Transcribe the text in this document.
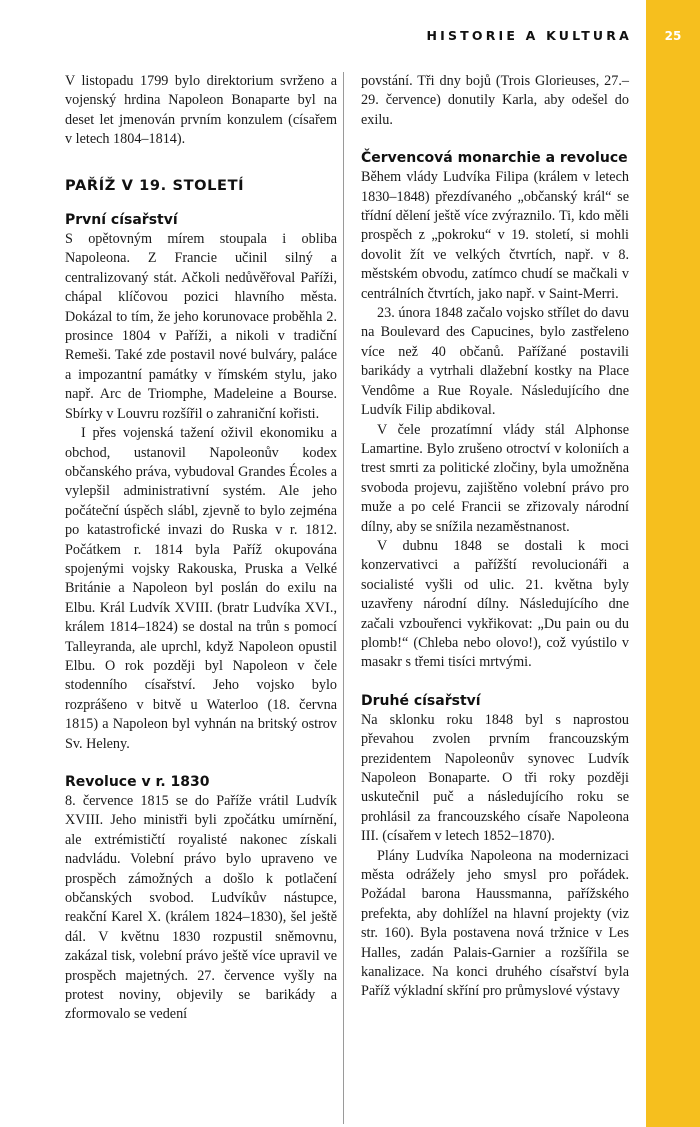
HISTORIE A KULTURA	25

V listopadu 1799 bylo direktorium svrženo a vojenský hrdina Napoleon Bonaparte byl na deset let jmenován prvním konzulem (císařem v letech 1804–1814).

PAŘÍŽ V 19. STOLETÍ
První císařství

S opětovným mírem stoupala i obliba Napoleona. Z Francie učinil silný a centralizovaný stát. Ačkoli nedůvěřoval Paříži, chápal klíčovou pozici hlavního města. Dokázal to tím, že jeho korunovace proběhla 2. prosince 1804 v Paříži, a nikoli v tradiční Remeši. Také zde postavil nové bulváry, paláce a impozantní památky v římském stylu, jako např. Arc de Triomphe, Madeleine a Bourse. Sbírky v Louvru rozšířil o zahraniční kořisti.

I přes vojenská tažení oživil ekonomiku a obchod, ustanovil Napoleonův kodex občanského práva, vybudoval Grandes Écoles a vylepšil administrativní systém. Ale jeho počáteční úspěch slábl, zjevně to bylo zejména po katastrofické invazi do Ruska v r. 1812. Počátkem r. 1814 byla Paříž okupována spojenými vojsky Rakouska, Pruska a Velké Británie a Napoleon byl poslán do exilu na Elbu. Král Ludvík XVIII. (bratr Ludvíka XVI., králem 1814–1824) se dostal na trůn s pomocí Talleyranda, ale uprchl, když Napoleon opustil Elbu. O rok později byl Napoleon v čele stodenního císařství. Jeho vojsko bylo rozprášeno v bitvě u Waterloo (18. června 1815) a Napoleon byl vyhnán na britský ostrov Sv. Heleny.

Revoluce v r. 1830

8. července 1815 se do Paříže vrátil Ludvík XVIII. Jeho ministři byli zpočátku umírnění, ale extrémističtí royalisté nakonec získali nadvládu. Volební právo bylo upraveno ve prospěch zámožných a došlo k potlačení občanských svobod. Ludvíkův nástupce, reakční Karel X. (králem 1824–1830), šel ještě dál. V květnu 1830 rozpustil sněmovnu, zakázal tisk, volební právo ještě více upravil ve prospěch majetných. 27. července vyšly na protest noviny, objevily se barikády a zformovalo se vedení

povstání. Tři dny bojů (Trois Glorieuses, 27.–29. července) donutily Karla, aby odešel do exilu.

Červencová monarchie a revoluce

Během vlády Ludvíka Filipa (králem v letech 1830–1848) přezdívaného „občanský král“ se třídní dělení ještě více zvýraznilo. Ti, kdo měli prospěch z „pokroku“ v 19. století, si mohli dovolit žít ve velkých čtvrtích, např. v 8. městském obvodu, zatímco chudí se mačkali v centrálních čtvrtích, jako např. v Saint-Merri.

23. února 1848 začalo vojsko střílet do davu na Boulevard des Capucines, bylo zastřeleno více než 40 občanů. Pařížané postavili barikády a vytrhali dlažební kostky na Place Vendôme a Rue Royale. Následujícího dne Ludvík Filip abdikoval.

V čele prozatímní vlády stál Alphonse Lamartine. Bylo zrušeno otroctví v koloniích a trest smrti za politické zločiny, byla umožněna svoboda projevu, zajištěno volební právo pro muže a po celé Francii se zřizovaly národní dílny, aby se snížila nezaměstnanost.

V dubnu 1848 se dostali k moci konzervativci a pařížští revolucionáři a socialisté vyšli od ulic. 21. května byly uzavřeny národní dílny. Následujícího dne začali vzbouřenci vykřikovat: „Du pain ou du plomb!“ (Chleba nebo olovo!), což vyústilo v masakr s třemi tisíci mrtvými.

Druhé císařství

Na sklonku roku 1848 byl s naprostou převahou zvolen prvním francouzským prezidentem Napoleonův synovec Ludvík Napoleon Bonaparte. O tři roky později uskutečnil puč a následujícího roku se prohlásil za francouzského císaře Napoleona III. (císařem v letech 1852–1870).

Plány Ludvíka Napoleona na modernizaci města odrážely jeho smysl pro pořádek. Požádal barona Haussmanna, pařížského prefekta, aby dohlížel na hlavní projekty (viz str. 160). Byla postavena nová tržnice v Les Halles, zadán Palais-Garnier a rozšířila se kanalizace. Na konci druhého císařství byla Paříž výkladní skříní pro průmyslové výstavy
